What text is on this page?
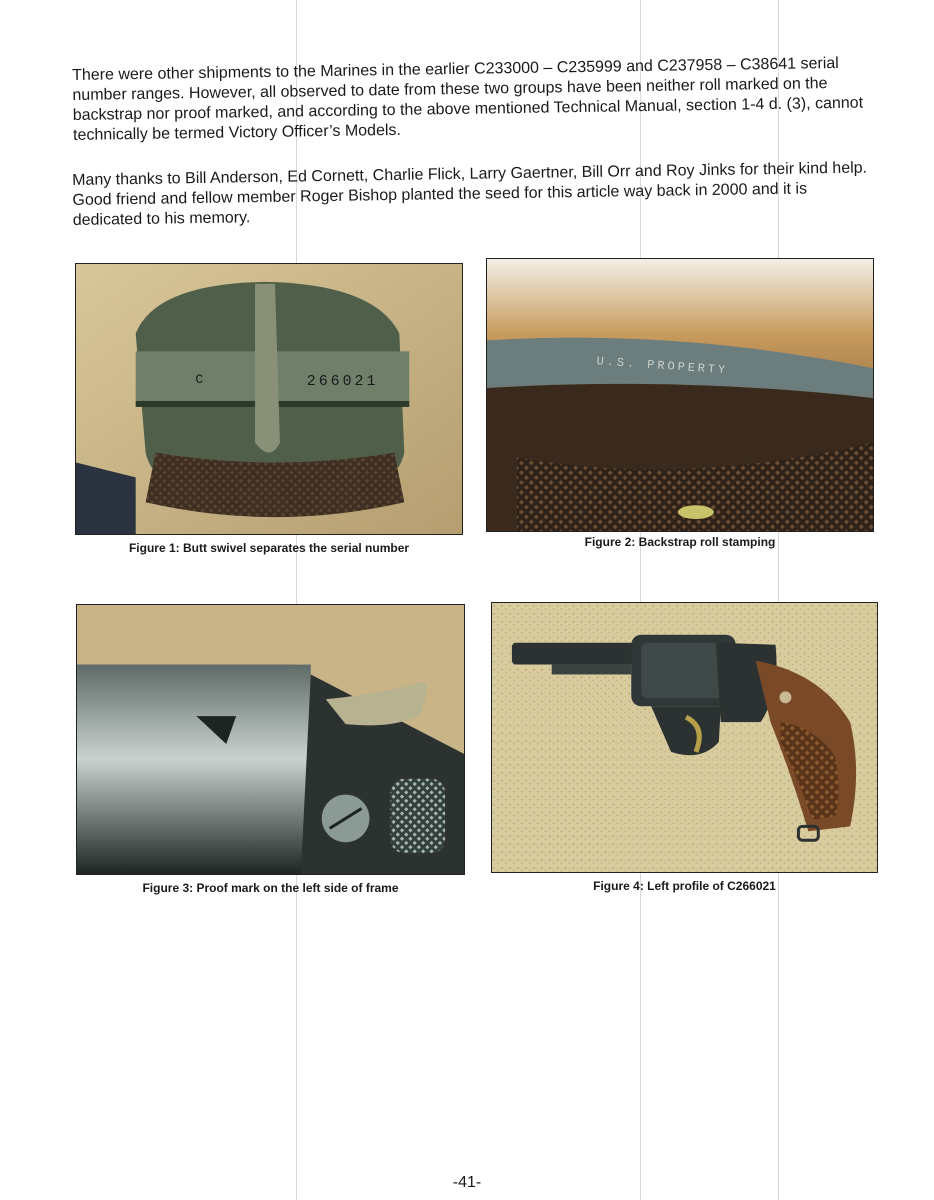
There were other shipments to the Marines in the earlier C233000 – C235999 and C237958 – C38641 serial number ranges. However, all observed to date from these two groups have been neither roll marked on the backstrap nor proof marked, and according to the above mentioned Technical Manual, section 1-4 d. (3), cannot technically be termed Victory Officer’s Models.

Many thanks to Bill Anderson, Ed Cornett, Charlie Flick, Larry Gaertner, Bill Orr and Roy Jinks for their kind help. Good friend and fellow member Roger Bishop planted the seed for this article way back in 2000 and it is dedicated to his memory.

C	266021
Figure 1: Butt swivel separates the serial number
U.S. PROPERTY
Figure 2: Backstrap roll stamping
Figure 3: Proof mark on the left side of frame	Figure 4: Left profile of C266021
-41-
